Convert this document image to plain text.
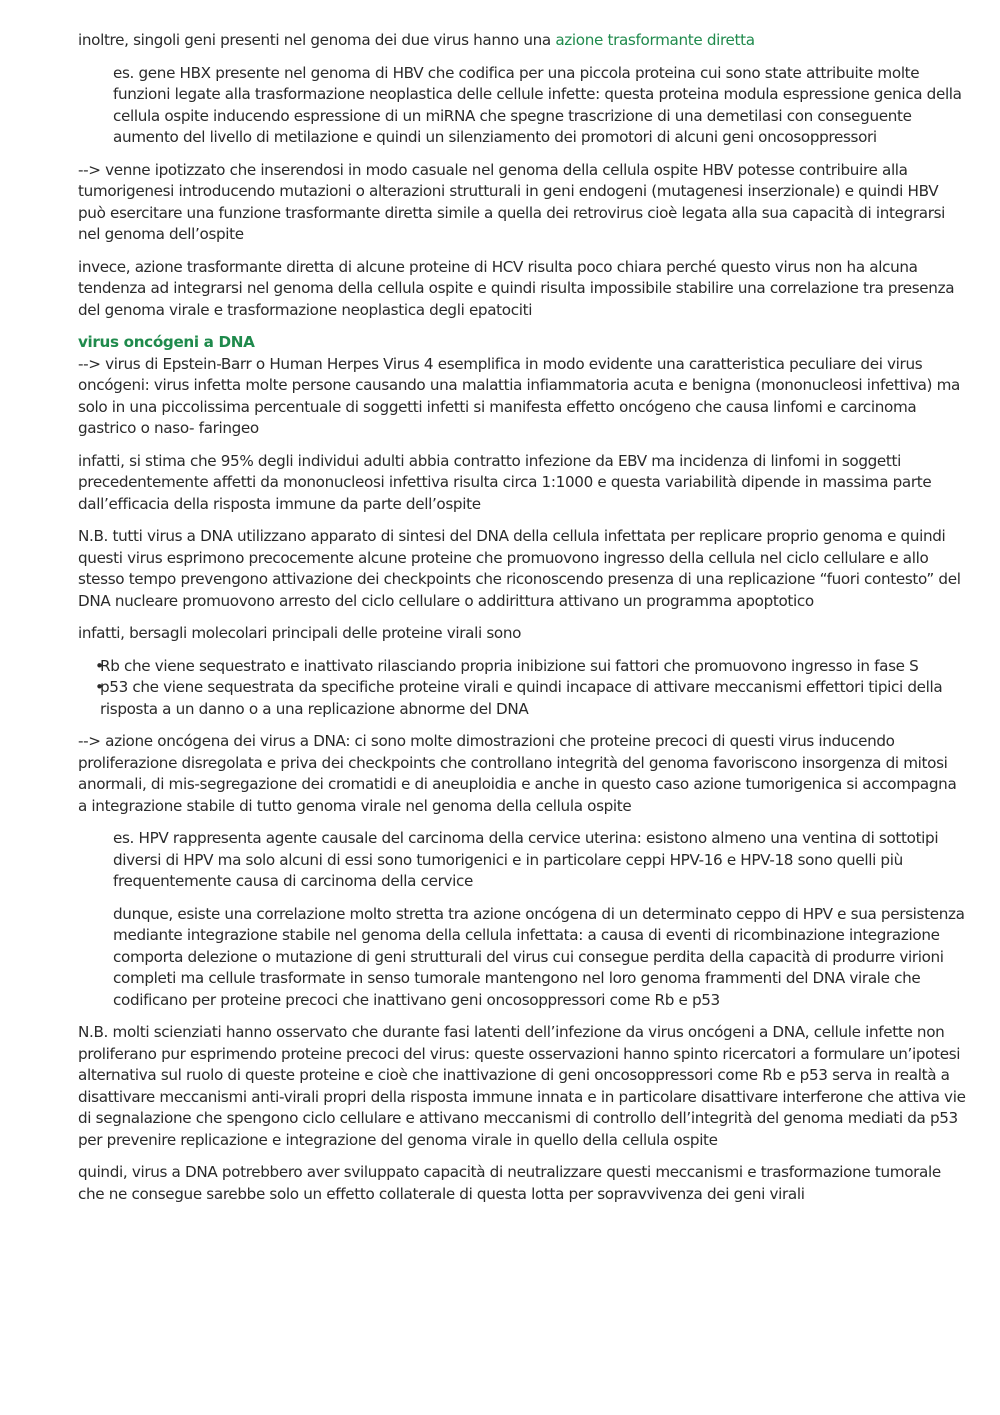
inoltre, singoli geni presenti nel genoma dei due virus hanno una azione trasformante diretta

es. gene HBX presente nel genoma di HBV che codifica per una piccola proteina cui sono state attribuite molte funzioni legate alla trasformazione neoplastica delle cellule infette: questa proteina modula espressione genica della cellula ospite inducendo espressione di un miRNA che spegne trascrizione di una demetilasi con conseguente aumento del livello di metilazione e quindi un silenziamento dei promotori di alcuni geni oncosoppressori

--> venne ipotizzato che inserendosi in modo casuale nel genoma della cellula ospite HBV potesse contribuire alla tumorigenesi introducendo mutazioni o alterazioni strutturali in geni endogeni (mutagenesi inserzionale) e quindi HBV può esercitare una funzione trasformante diretta simile a quella dei retrovirus cioè legata alla sua capacità di integrarsi nel genoma dell’ospite

invece, azione trasformante diretta di alcune proteine di HCV risulta poco chiara perché questo virus non ha alcuna tendenza ad integrarsi nel genoma della cellula ospite e quindi risulta impossibile stabilire una correlazione tra presenza del genoma virale e trasformazione neoplastica degli epatociti

virus oncógeni a DNA

--> virus di Epstein-Barr o Human Herpes Virus 4 esemplifica in modo evidente una caratteristica peculiare dei virus oncógeni: virus infetta molte persone causando una malattia infiammatoria acuta e benigna (mononucleosi infettiva) ma solo in una piccolissima percentuale di soggetti infetti si manifesta effetto oncógeno che causa linfomi e carcinoma gastrico o naso- faringeo

infatti, si stima che 95% degli individui adulti abbia contratto infezione da EBV ma incidenza di linfomi in soggetti precedentemente affetti da mononucleosi infettiva risulta circa 1:1000 e questa variabilità dipende in massima parte dall’efficacia della risposta immune da parte dell’ospite

N.B. tutti virus a DNA utilizzano apparato di sintesi del DNA della cellula infettata per replicare proprio genoma e quindi questi virus esprimono precocemente alcune proteine che promuovono ingresso della cellula nel ciclo cellulare e allo stesso tempo prevengono attivazione dei checkpoints che riconoscendo presenza di una replicazione “fuori contesto” del DNA nucleare promuovono arresto del ciclo cellulare o addirittura attivano un programma apoptotico

infatti, bersagli molecolari principali delle proteine virali sono

• Rb che viene sequestrato e inattivato rilasciando propria inibizione sui fattori che promuovono ingresso in fase S
• p53 che viene sequestrata da specifiche proteine virali e quindi incapace di attivare meccanismi effettori tipici della risposta a un danno o a una replicazione abnorme del DNA

--> azione oncógena dei virus a DNA: ci sono molte dimostrazioni che proteine precoci di questi virus inducendo proliferazione disregolata e priva dei checkpoints che controllano integrità del genoma favoriscono insorgenza di mitosi anormali, di mis-segregazione dei cromatidi e di aneuploidia e anche in questo caso azione tumorigenica si accompagna a integrazione stabile di tutto genoma virale nel genoma della cellula ospite

es. HPV rappresenta agente causale del carcinoma della cervice uterina: esistono almeno una ventina di sottotipi diversi di HPV ma solo alcuni di essi sono tumorigenici e in particolare ceppi HPV-16 e HPV-18 sono quelli più frequentemente causa di carcinoma della cervice

dunque, esiste una correlazione molto stretta tra azione oncógena di un determinato ceppo di HPV e sua persistenza mediante integrazione stabile nel genoma della cellula infettata: a causa di eventi di ricombinazione integrazione comporta delezione o mutazione di geni strutturali del virus cui consegue perdita della capacità di produrre virioni completi ma cellule trasformate in senso tumorale mantengono nel loro genoma frammenti del DNA virale che codificano per proteine precoci che inattivano geni oncosoppressori come Rb e p53

N.B. molti scienziati hanno osservato che durante fasi latenti dell’infezione da virus oncógeni a DNA, cellule infette non proliferano pur esprimendo proteine precoci del virus: queste osservazioni hanno spinto ricercatori a formulare un’ipotesi alternativa sul ruolo di queste proteine e cioè che inattivazione di geni oncosoppressori come Rb e p53 serva in realtà a disattivare meccanismi anti-virali propri della risposta immune innata e in particolare disattivare interferone che attiva vie di segnalazione che spengono ciclo cellulare e attivano meccanismi di controllo dell’integrità del genoma mediati da p53 per prevenire replicazione e integrazione del genoma virale in quello della cellula ospite

quindi, virus a DNA potrebbero aver sviluppato capacità di neutralizzare questi meccanismi e trasformazione tumorale che ne consegue sarebbe solo un effetto collaterale di questa lotta per sopravvivenza dei geni virali
